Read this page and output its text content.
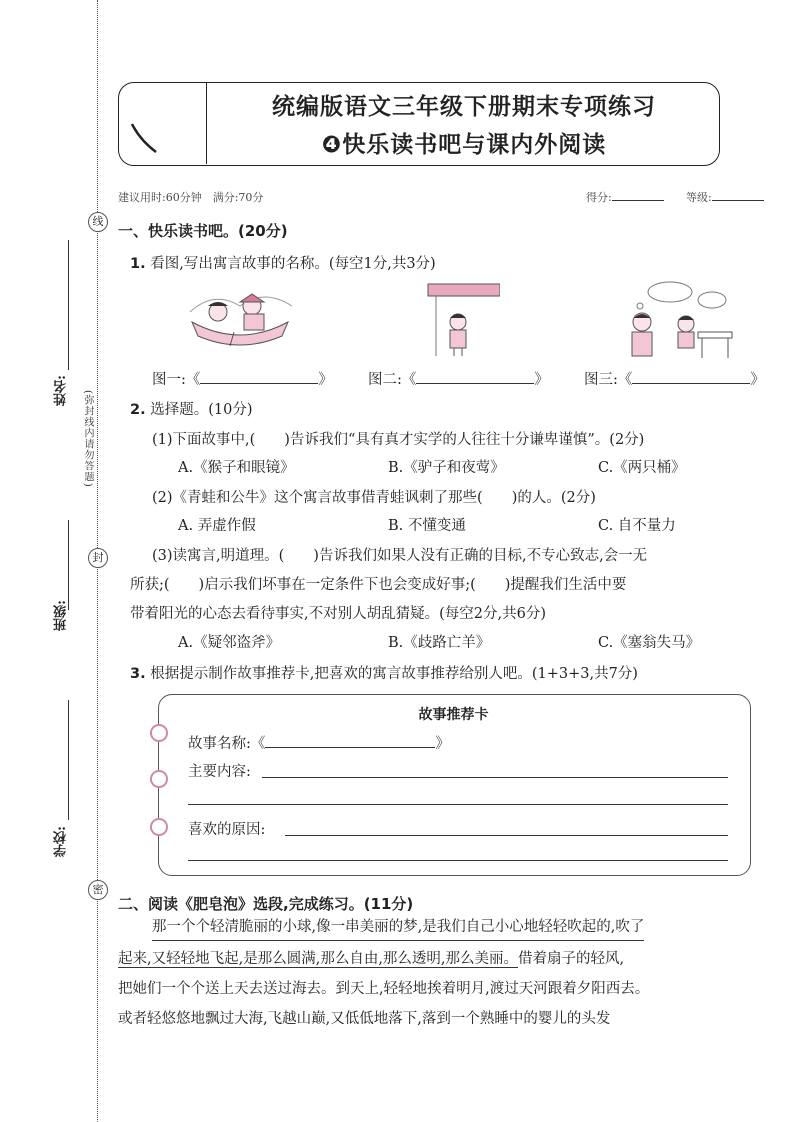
线
封
密
姓名:
班级:
学校:
(弥封线内请勿答题)
统编版语文三年级下册期末专项练习
❹快乐读书吧与课内外阅读
建议用时:60分钟　满分:70分	得分:	等级:
一、快乐读书吧。(20分)
1. 看图,写出寓言故事的名称。(每空1分,共3分)
图一:《	》 图二:《	》 图三:《	》
2. 选择题。(10分)
(1)下面故事中,(　　)告诉我们“具有真才实学的人往往十分谦卑谨慎”。(2分)
A.《猴子和眼镜》	B.《驴子和夜莺》	C.《两只桶》
(2)《青蛙和公牛》这个寓言故事借青蛙讽刺了那些(　　)的人。(2分)
A. 弄虚作假	B. 不懂变通	C. 自不量力
(3)读寓言,明道理。(　　)告诉我们如果人没有正确的目标,不专心致志,会一无
所获;(　　)启示我们坏事在一定条件下也会变成好事;(　　)提醒我们生活中要
带着阳光的心态去看待事实,不对别人胡乱猜疑。(每空2分,共6分)
A.《疑邻盗斧》	B.《歧路亡羊》	C.《塞翁失马》
3. 根据提示制作故事推荐卡,把喜欢的寓言故事推荐给别人吧。(1+3+3,共7分)
故事推荐卡
故事名称:《	》
主要内容:
喜欢的原因:
二、阅读《肥皂泡》选段,完成练习。(11分)
那一个个轻清脆丽的小球,像一串美丽的梦,是我们自己小心地轻轻吹起的,吹了
起来,又轻轻地飞起,是那么圆满,那么自由,那么透明,那么美丽。借着扇子的轻风,
把她们一个个送上天去送过海去。到天上,轻轻地挨着明月,渡过天河跟着夕阳西去。
或者轻悠悠地飘过大海,飞越山巅,又低低地落下,落到一个熟睡中的婴儿的头发
